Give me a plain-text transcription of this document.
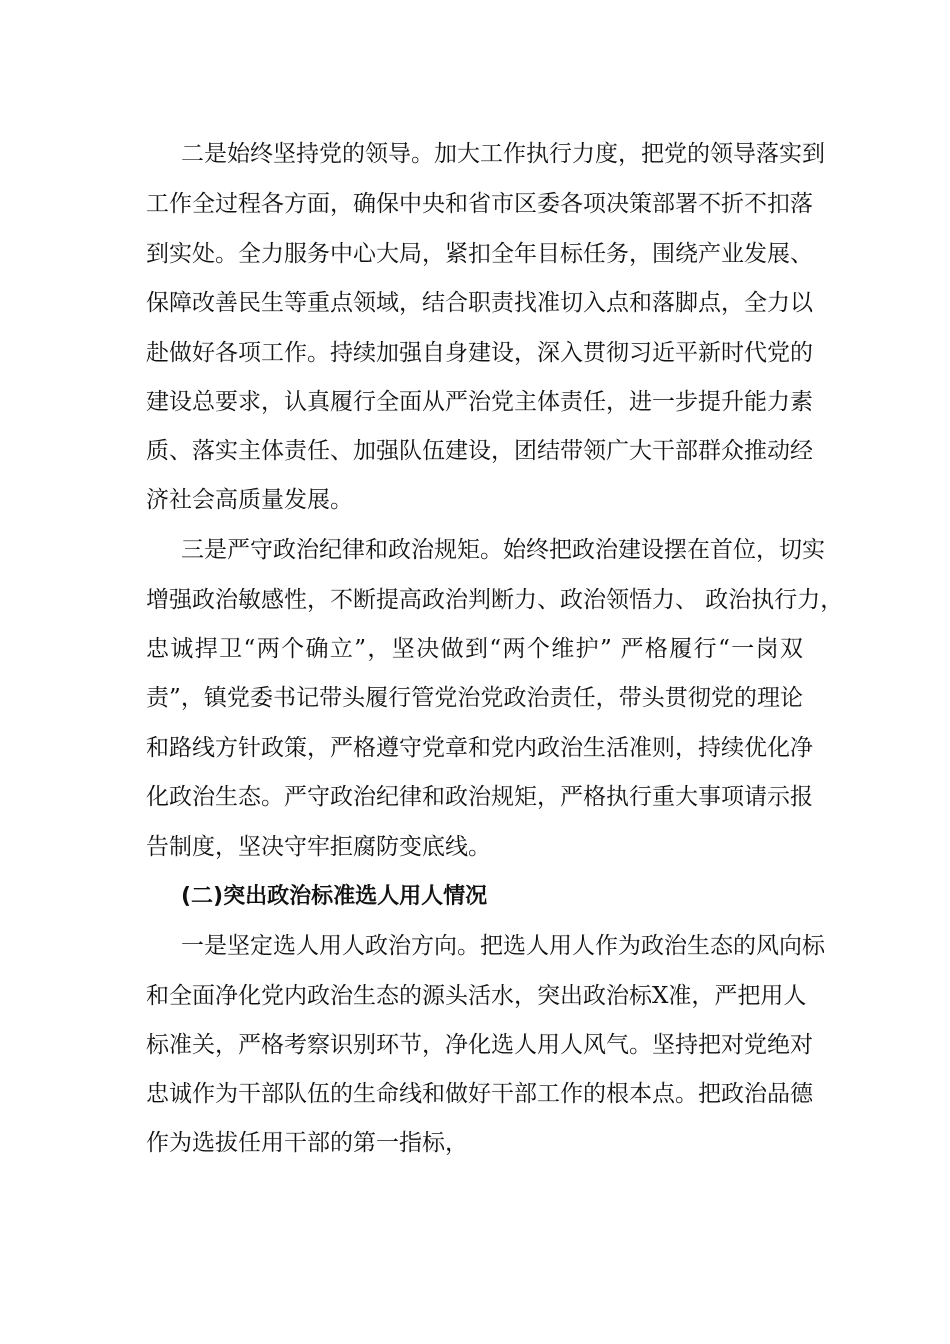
二是始终坚持党的领导。加大工作执行力度，把党的领导落实到
工作全过程各方面，确保中央和省市区委各项决策部署不折不扣落
到实处。全力服务中心大局，紧扣全年目标任务，围绕产业发展、
保障改善民生等重点领域，结合职责找准切入点和落脚点，全力以
赴做好各项工作。持续加强自身建设，深入贯彻习近平新时代党的
建设总要求，认真履行全面从严治党主体责任，进一步提升能力素
质、落实主体责任、加强队伍建设，团结带领广大干部群众推动经
济社会高质量发展。
三是严守政治纪律和政治规矩。始终把政治建设摆在首位，切实
增强政治敏感性，不断提高政治判断力、政治领悟力、 政治执行力，
忠诚捍卫“两个确立”，坚决做到“两个维护” 严格履行“一岗双
责”，镇党委书记带头履行管党治党政治责任，带头贯彻党的理论
和路线方针政策，严格遵守党章和党内政治生活准则，持续优化净
化政治生态。严守政治纪律和政治规矩，严格执行重大事项请示报
告制度，坚决守牢拒腐防变底线。
(二)突出政治标准选人用人情况
一是坚定选人用人政治方向。把选人用人作为政治生态的风向标
和全面净化党内政治生态的源头活水，突出政治标X准，严把用人
标准关，严格考察识别环节，净化选人用人风气。坚持把对党绝对
忠诚作为干部队伍的生命线和做好干部工作的根本点。把政治品德
作为选拔任用干部的第一指标，
